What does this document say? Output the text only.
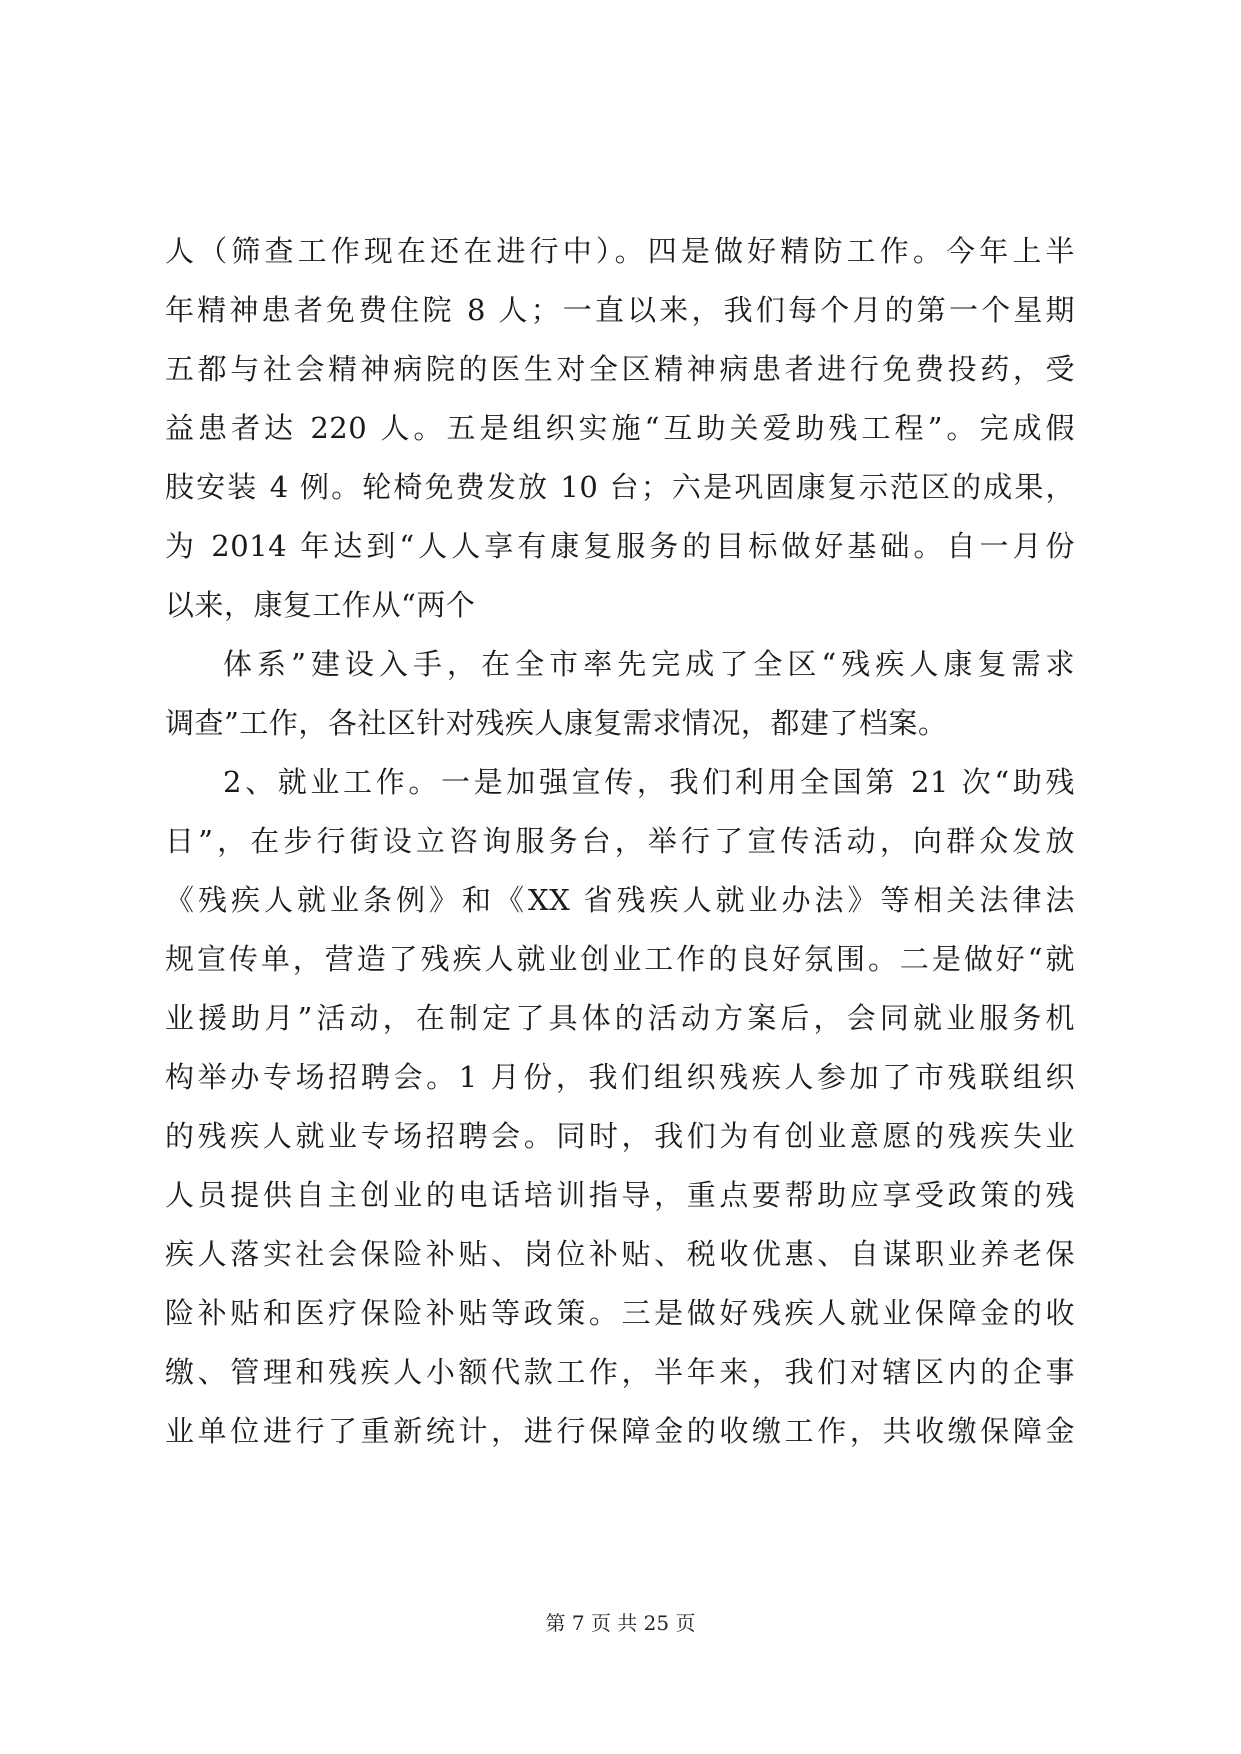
人（筛查工作现在还在进行中）。四是做好精防工作。今年上半
年精神患者免费住院 8 人；一直以来，我们每个月的第一个星期
五都与社会精神病院的医生对全区精神病患者进行免费投药，受
益患者达 220 人。五是组织实施“互助关爱助残工程”。完成假
肢安装 4 例。轮椅免费发放 10 台；六是巩固康复示范区的成果，
为 2014 年达到“人人享有康复服务的目标做好基础。自一月份
以来，康复工作从“两个
体系”建设入手，在全市率先完成了全区“残疾人康复需求
调查”工作，各社区针对残疾人康复需求情况，都建了档案。
2、就业工作。一是加强宣传，我们利用全国第 21 次“助残
日”，在步行街设立咨询服务台，举行了宣传活动，向群众发放
《残疾人就业条例》和《XX 省残疾人就业办法》等相关法律法
规宣传单，营造了残疾人就业创业工作的良好氛围。二是做好“就
业援助月”活动，在制定了具体的活动方案后，会同就业服务机
构举办专场招聘会。1 月份，我们组织残疾人参加了市残联组织
的残疾人就业专场招聘会。同时，我们为有创业意愿的残疾失业
人员提供自主创业的电话培训指导，重点要帮助应享受政策的残
疾人落实社会保险补贴、岗位补贴、税收优惠、自谋职业养老保
险补贴和医疗保险补贴等政策。三是做好残疾人就业保障金的收
缴、管理和残疾人小额代款工作，半年来，我们对辖区内的企事
业单位进行了重新统计，进行保障金的收缴工作，共收缴保障金
第 7 页 共 25 页
